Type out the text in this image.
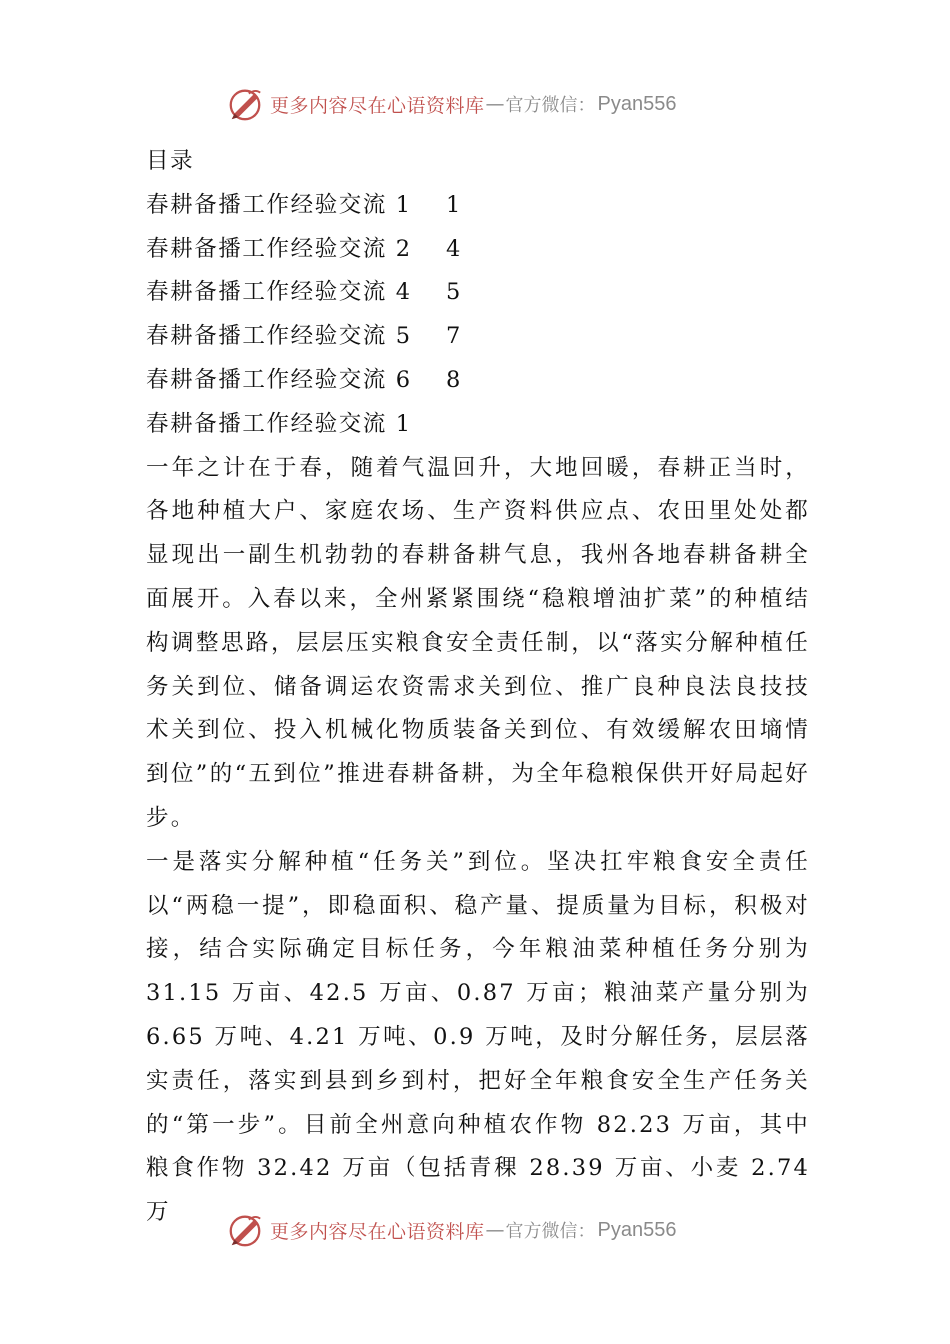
更多内容尽在心语资料库 — 官方微信： Pyan556
目录
春耕备播工作经验交流 1	1
春耕备播工作经验交流 2	4
春耕备播工作经验交流 4	5
春耕备播工作经验交流 5	7
春耕备播工作经验交流 6	8
春耕备播工作经验交流 1
一年之计在于春，随着气温回升，大地回暖，春耕正当时，各地种植大户、家庭农场、生产资料供应点、农田里处处都显现出一副生机勃勃的春耕备耕气息，我州各地春耕备耕全面展开。入春以来，全州紧紧围绕“稳粮增油扩菜”的种植结构调整思路，层层压实粮食安全责任制，以“落实分解种植任务关到位、储备调运农资需求关到位、推广良种良法良技技术关到位、投入机械化物质装备关到位、有效缓解农田墒情到位”的“五到位”推进春耕备耕，为全年稳粮保供开好局起好步。
一是落实分解种植“任务关”到位。坚决扛牢粮食安全责任以“两稳一提”，即稳面积、稳产量、提质量为目标，积极对接，结合实际确定目标任务，今年粮油菜种植任务分别为 31.15 万亩、42.5 万亩、0.87 万亩；粮油菜产量分别为 6.65 万吨、4.21 万吨、0.9 万吨，及时分解任务，层层落实责任，落实到县到乡到村，把好全年粮食安全生产任务关的“第一步”。目前全州意向种植农作物 82.23 万亩，其中粮食作物 32.42 万亩（包括青稞 28.39 万亩、小麦 2.74 万
更多内容尽在心语资料库 — 官方微信： Pyan556
